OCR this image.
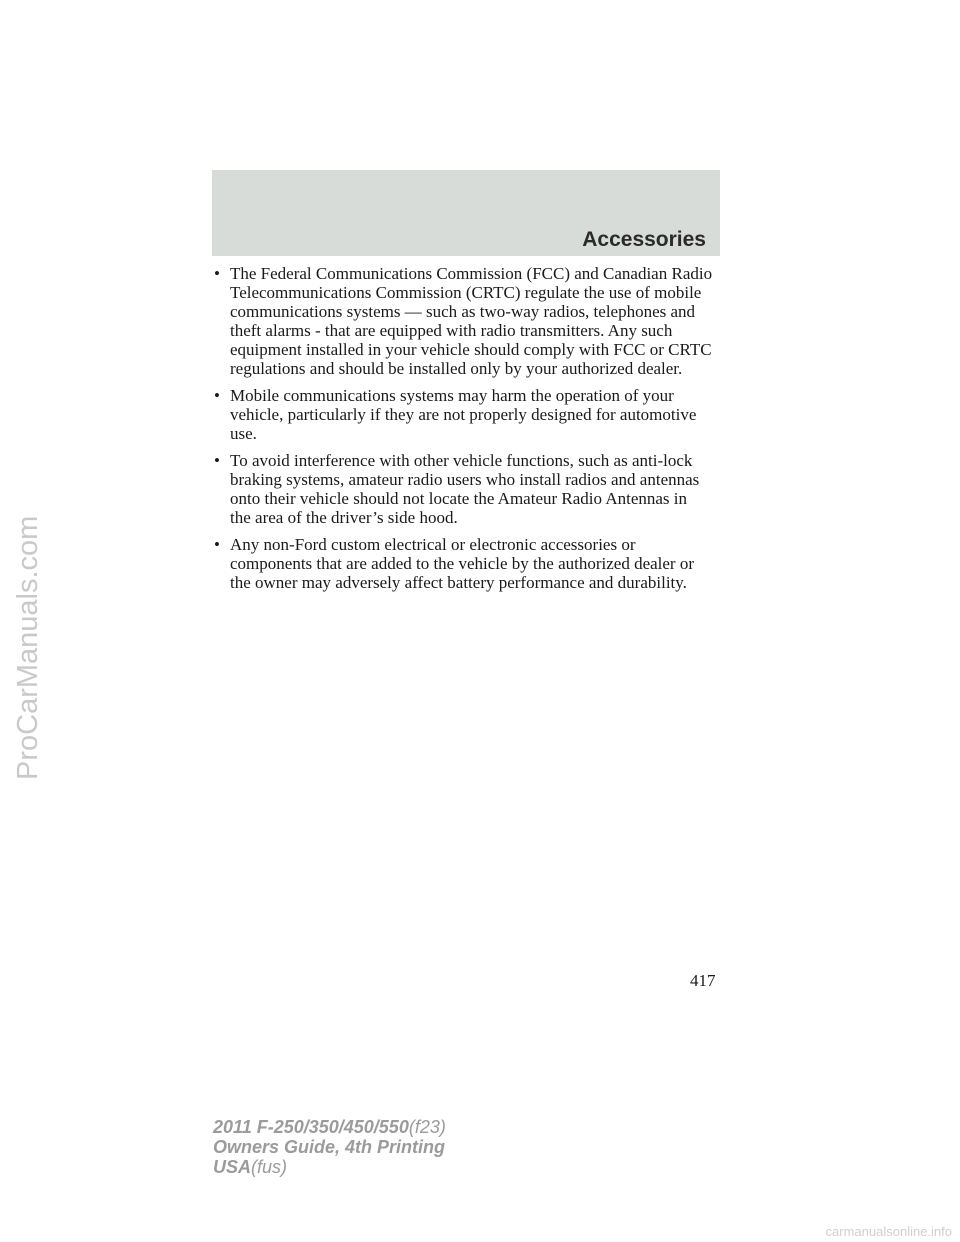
Accessories
• The Federal Communications Commission (FCC) and Canadian Radio
Telecommunications Commission (CRTC) regulate the use of mobile
communications systems — such as two-way radios, telephones and
theft alarms - that are equipped with radio transmitters. Any such
equipment installed in your vehicle should comply with FCC or CRTC
regulations and should be installed only by your authorized dealer.
• Mobile communications systems may harm the operation of your
vehicle, particularly if they are not properly designed for automotive
use.
• To avoid interference with other vehicle functions, such as anti-lock
braking systems, amateur radio users who install radios and antennas
onto their vehicle should not locate the Amateur Radio Antennas in
the area of the driver’s side hood.
• Any non-Ford custom electrical or electronic accessories or
components that are added to the vehicle by the authorized dealer or
the owner may adversely affect battery performance and durability.
417
2011 F-250/350/450/550(f23)
Owners Guide, 4th Printing
USA(fus)
ProCarManuals.com
carmanualsonline.info
